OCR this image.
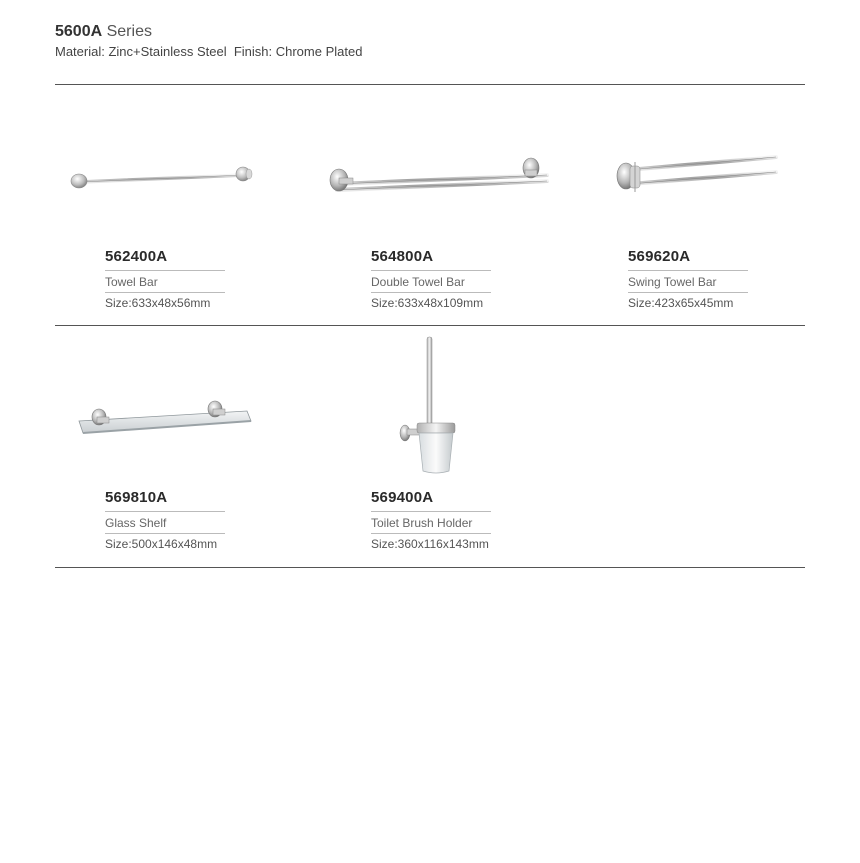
5600A Series
Material: Zinc+Stainless Steel  Finish: Chrome Plated
562400A
Towel Bar
Size:633x48x56mm
564800A
Double Towel Bar
Size:633x48x109mm
569620A
Swing Towel Bar
Size:423x65x45mm
569810A
Glass Shelf
Size:500x146x48mm
569400A
Toilet Brush Holder
Size:360x116x143mm
